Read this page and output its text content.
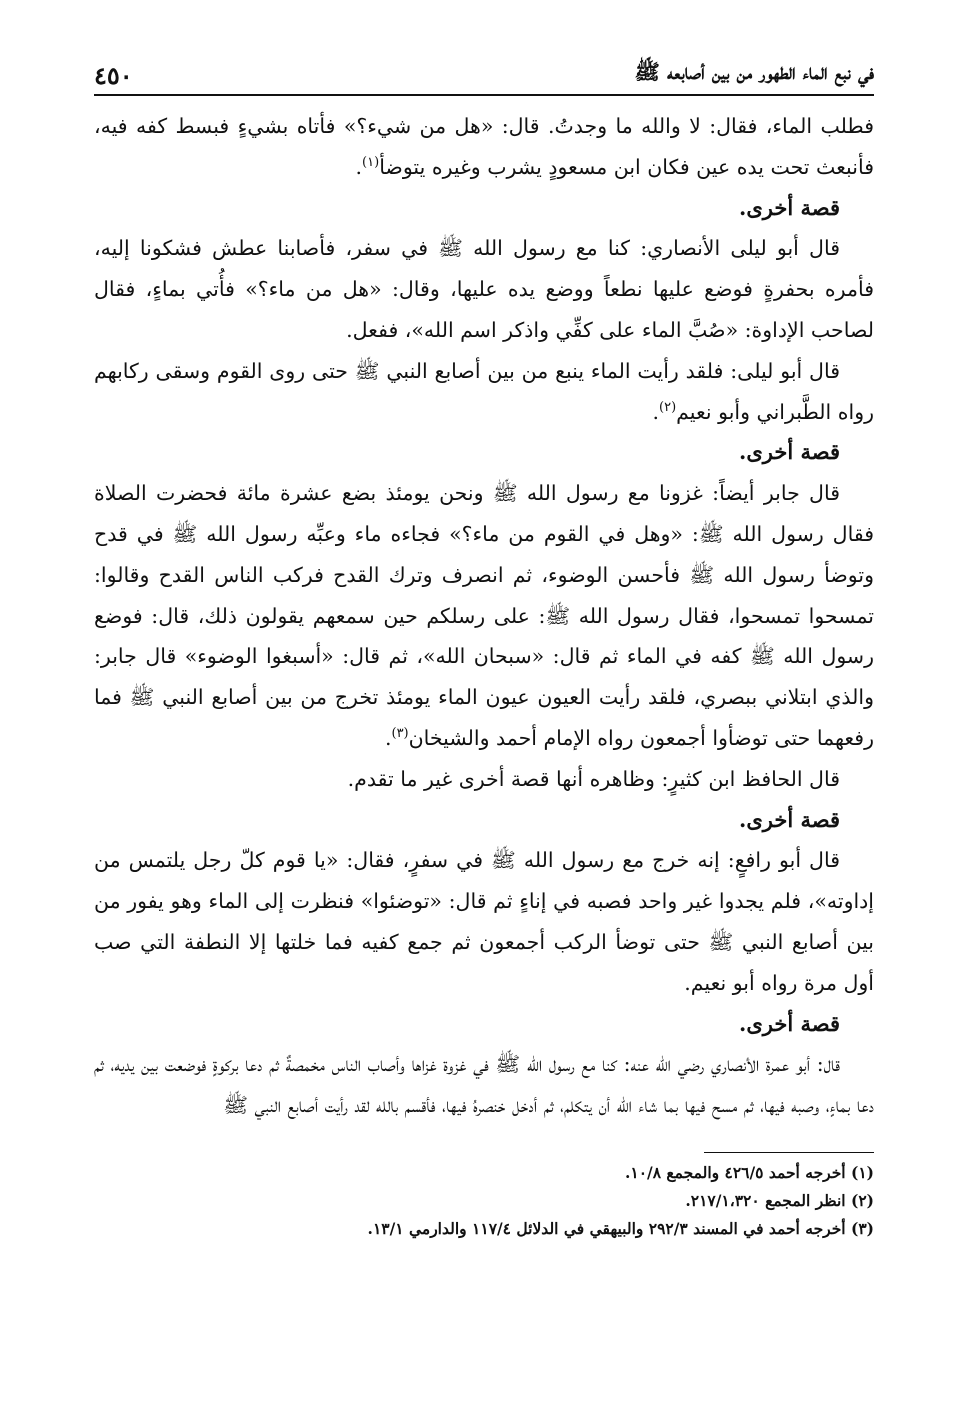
في نبع الماء الطهور من بين أصابعه ﷺ
٤٥٠

فطلب الماء، فقال: لا والله ما وجدتُ. قال: «هل من شيء؟» فأتاه بشيءٍ فبسط كفه فيه، فأنبعث تحت يده عين فكان ابن مسعودٍ يشرب وغيره يتوضأ$^{(١)}$.

قصة أخرى.

قال أبو ليلى الأنصاري: كنا مع رسول الله ﷺ في سفر، فأصابنا عطش فشكونا إليه، فأمره بحفرةٍ فوضع عليها نطعاً ووضع يده عليها، وقال: «هل من ماء؟» فأُتي بماءٍ، فقال لصاحب الإداوة: «صُبَّ الماء على كفِّي واذكر اسم الله»، ففعل.

قال أبو ليلى: فلقد رأيت الماء ينبع من بين أصابع النبي ﷺ حتى روى القوم وسقى ركابهم رواه الطَّبراني وأبو نعيم$^{(٢)}$.

قصة أخرى.

قال جابر أيضاً: غزونا مع رسول الله ﷺ ونحن يومئذ بضع عشرة مائة فحضرت الصلاة فقال رسول الله ﷺ: «وهل في القوم من ماء؟» فجاءه ماء وعبِّه رسول الله ﷺ في قدح وتوضأ رسول الله ﷺ فأحسن الوضوء، ثم انصرف وترك القدح فركب الناس القدح وقالوا: تمسحوا تمسحوا، فقال رسول الله ﷺ: على رسلكم حين سمعهم يقولون ذلك، قال: فوضع رسول الله ﷺ كفه في الماء ثم قال: «سبحان الله»، ثم قال: «أسبغوا الوضوء» قال جابر: والذي ابتلاني ببصري، فلقد رأيت العيون عيون الماء يومئذ تخرج من بين أصابع النبي ﷺ فما رفعهما حتى توضأوا أجمعون رواه الإمام أحمد والشيخان$^{(٣)}$.

قال الحافظ ابن كثيرٍ: وظاهره أنها قصة أخرى غير ما تقدم.

قصة أخرى.

قال أبو رافعٍ: إنه خرج مع رسول الله ﷺ في سفرٍ، فقال: «يا قوم كلّ رجل يلتمس من إداوته»، فلم يجدوا غير واحد فصبه في إناءٍ ثم قال: «توضئوا» فنظرت إلى الماء وهو يفور من بين أصابع النبي ﷺ حتى توضأ الركب أجمعون ثم جمع كفيه فما خلتها إلا النطفة التي صب أول مرة رواه أبو نعيم.

قصة أخرى.

قال: أبو عمرة الأنصاري رضي الله عنه: كنا مع رسول الله ﷺ في غزوة غزاها وأصاب الناس مخمصةٌ ثم دعا بركوةٍ فوضعت بين يديه، ثم دعا بماءٍ، وصبه فيها، ثم مسح فيها بما شاء الله أن يتكلم، ثم أدخل خنصرهُ فيها، فأقسم بالله لقد رأيت أصابع النبي ﷺ

(١) أخرجه أحمد ٤٢٦/٥ والمجمع ١٠/٨.

(٢) انظر المجمع ٢١٧/١،٣٢٠.

(٣) أخرجه أحمد في المسند ٢٩٢/٣ والبيهقي في الدلائل ١١٧/٤ والدارمي ١٣/١.
